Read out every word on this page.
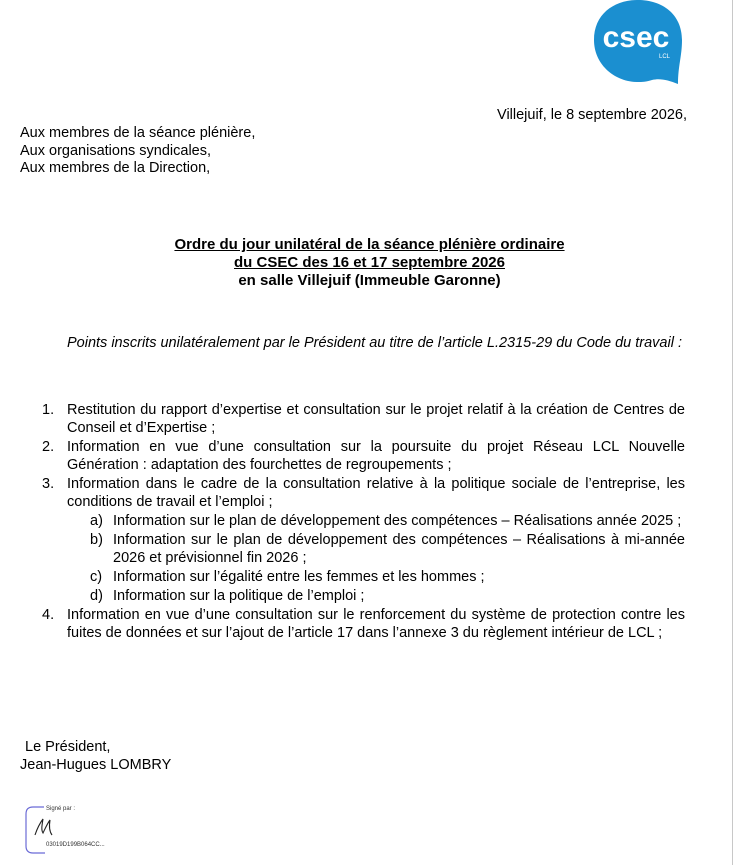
csec
LCL
Villejuif, le 8 septembre 2026,
Aux membres de la séance plénière,
Aux organisations syndicales,
Aux membres de la Direction,
Ordre du jour unilatéral de la séance plénière ordinaire
du CSEC des 16 et 17 septembre 2026
en salle Villejuif (Immeuble Garonne)
Points inscrits unilatéralement par le Président au titre de l’article L.2315-29 du Code du travail :
1. Restitution du rapport d’expertise et consultation sur le projet relatif à la création de Centres de Conseil et d’Expertise ;
2. Information en vue d’une consultation sur la poursuite du projet Réseau LCL Nouvelle Génération : adaptation des fourchettes de regroupements ;
3. Information dans le cadre de la consultation relative à la politique sociale de l’entreprise, les conditions de travail et l’emploi ;
a) Information sur le plan de développement des compétences – Réalisations année 2025 ;
b) Information sur le plan de développement des compétences – Réalisations à mi-année 2026 et prévisionnel fin 2026 ;
c) Information sur l’égalité entre les femmes et les hommes ;
d) Information sur la politique de l’emploi ;
4. Information en vue d’une consultation sur le renforcement du système de protection contre les fuites de données et sur l’ajout de l’article 17 dans l’annexe 3 du règlement intérieur de LCL ;
Le Président,
Jean-Hugues LOMBRY
Signé par :
03019D199B064CC...
